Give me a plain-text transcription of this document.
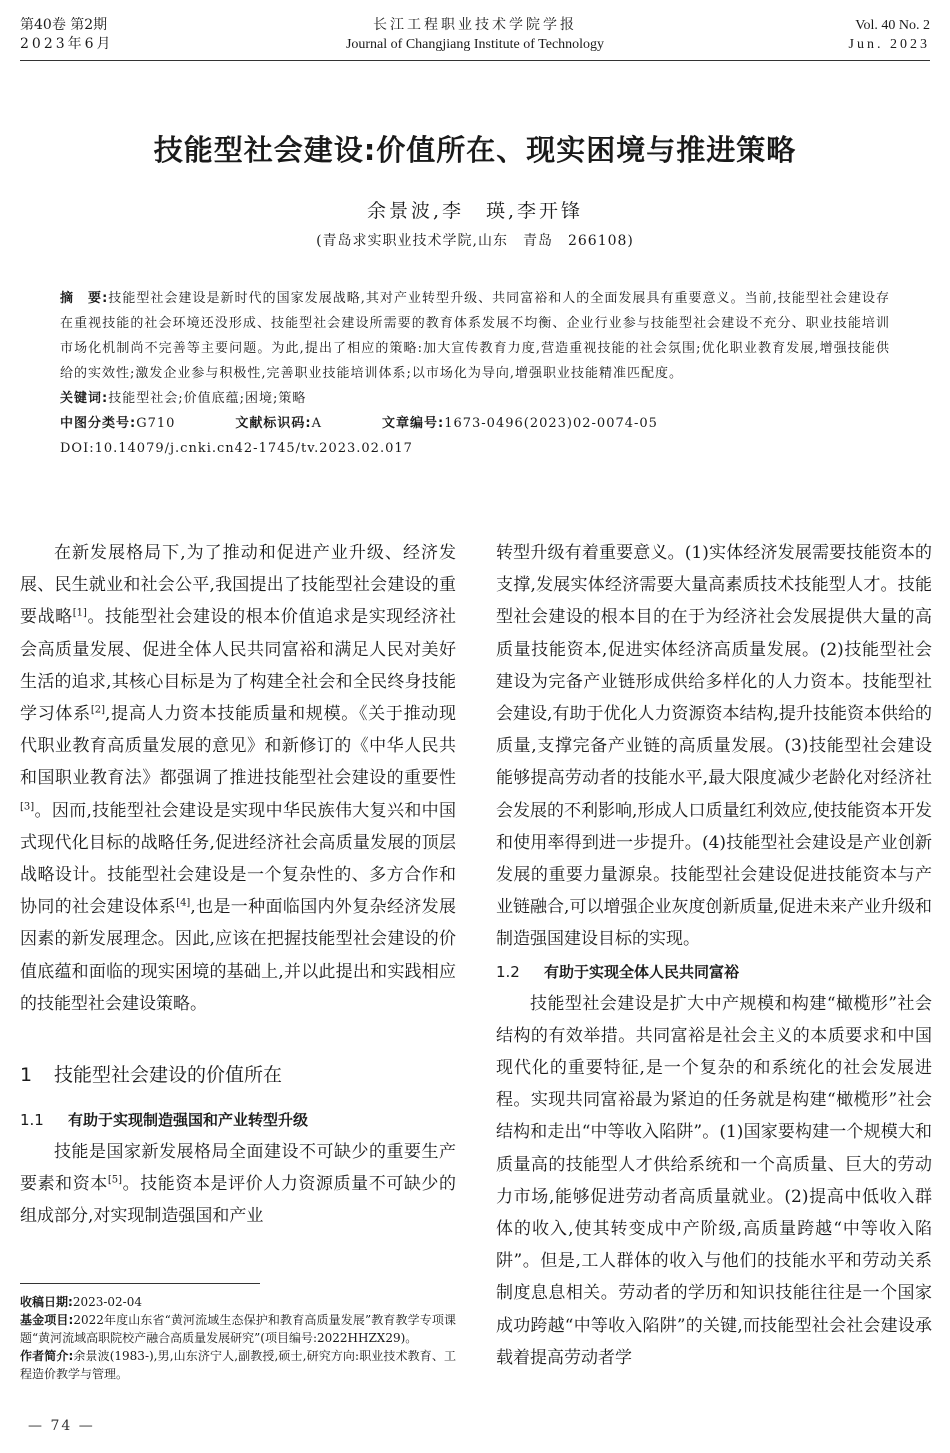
第40卷 第2期
2023年6月
长江工程职业技术学院学报
Journal of Changjiang Institute of Technology
Vol. 40 No. 2
Jun. 2023
技能型社会建设:价值所在、现实困境与推进策略
余景波,李　瑛,李开锋
(青岛求实职业技术学院,山东　青岛　266108)

摘　要:技能型社会建设是新时代的国家发展战略,其对产业转型升级、共同富裕和人的全面发展具有重要意义。当前,技能型社会建设存在重视技能的社会环境还没形成、技能型社会建设所需要的教育体系发展不均衡、企业行业参与技能型社会建设不充分、职业技能培训市场化机制尚不完善等主要问题。为此,提出了相应的策略:加大宣传教育力度,营造重视技能的社会氛围;优化职业教育发展,增强技能供给的实效性;激发企业参与积极性,完善职业技能培训体系;以市场化为导向,增强职业技能精准匹配度。

关键词:技能型社会;价值底蕴;困境;策略

中图分类号:G710	文献标识码:A	文章编号:1673-0496(2023)02-0074-05

DOI:10.14079/j.cnki.cn42-1745/tv.2023.02.017

在新发展格局下,为了推动和促进产业升级、经济发展、民生就业和社会公平,我国提出了技能型社会建设的重要战略[1]。技能型社会建设的根本价值追求是实现经济社会高质量发展、促进全体人民共同富裕和满足人民对美好生活的追求,其核心目标是为了构建全社会和全民终身技能学习体系[2],提高人力资本技能质量和规模。《关于推动现代职业教育高质量发展的意见》和新修订的《中华人民共和国职业教育法》都强调了推进技能型社会建设的重要性[3]。因而,技能型社会建设是实现中华民族伟大复兴和中国式现代化目标的战略任务,促进经济社会高质量发展的顶层战略设计。技能型社会建设是一个复杂性的、多方合作和协同的社会建设体系[4],也是一种面临国内外复杂经济发展因素的新发展理念。因此,应该在把握技能型社会建设的价值底蕴和面临的现实困境的基础上,并以此提出和实践相应的技能型社会建设策略。

1 技能型社会建设的价值所在
1.1 有助于实现制造强国和产业转型升级

技能是国家新发展格局全面建设不可缺少的重要生产要素和资本[5]。技能资本是评价人力资源质量不可缺少的组成部分,对实现制造强国和产业

转型升级有着重要意义。(1)实体经济发展需要技能资本的支撑,发展实体经济需要大量高素质技术技能型人才。技能型社会建设的根本目的在于为经济社会发展提供大量的高质量技能资本,促进实体经济高质量发展。(2)技能型社会建设为完备产业链形成供给多样化的人力资本。技能型社会建设,有助于优化人力资源资本结构,提升技能资本供给的质量,支撑完备产业链的高质量发展。(3)技能型社会建设能够提高劳动者的技能水平,最大限度减少老龄化对经济社会发展的不利影响,形成人口质量红利效应,使技能资本开发和使用率得到进一步提升。(4)技能型社会建设是产业创新发展的重要力量源泉。技能型社会建设促进技能资本与产业链融合,可以增强企业灰度创新质量,促进未来产业升级和制造强国建设目标的实现。

1.2 有助于实现全体人民共同富裕

技能型社会建设是扩大中产规模和构建“橄榄形”社会结构的有效举措。共同富裕是社会主义的本质要求和中国现代化的重要特征,是一个复杂的和系统化的社会发展进程。实现共同富裕最为紧迫的任务就是构建“橄榄形”社会结构和走出“中等收入陷阱”。(1)国家要构建一个规模大和质量高的技能型人才供给系统和一个高质量、巨大的劳动力市场,能够促进劳动者高质量就业。(2)提高中低收入群体的收入,使其转变成中产阶级,高质量跨越“中等收入陷阱”。但是,工人群体的收入与他们的技能水平和劳动关系制度息息相关。劳动者的学历和知识技能往往是一个国家成功跨越“中等收入陷阱”的关键,而技能型社会社会建设承载着提高劳动者学

收稿日期:2023-02-04

基金项目:2022年度山东省“黄河流域生态保护和教育高质量发展”教育教学专项课题“黄河流域高职院校产融合高质量发展研究”(项目编号:2022HHZX29)。

作者简介:余景波(1983-),男,山东济宁人,副教授,硕士,研究方向:职业技术教育、工程造价教学与管理。

— 74 —
